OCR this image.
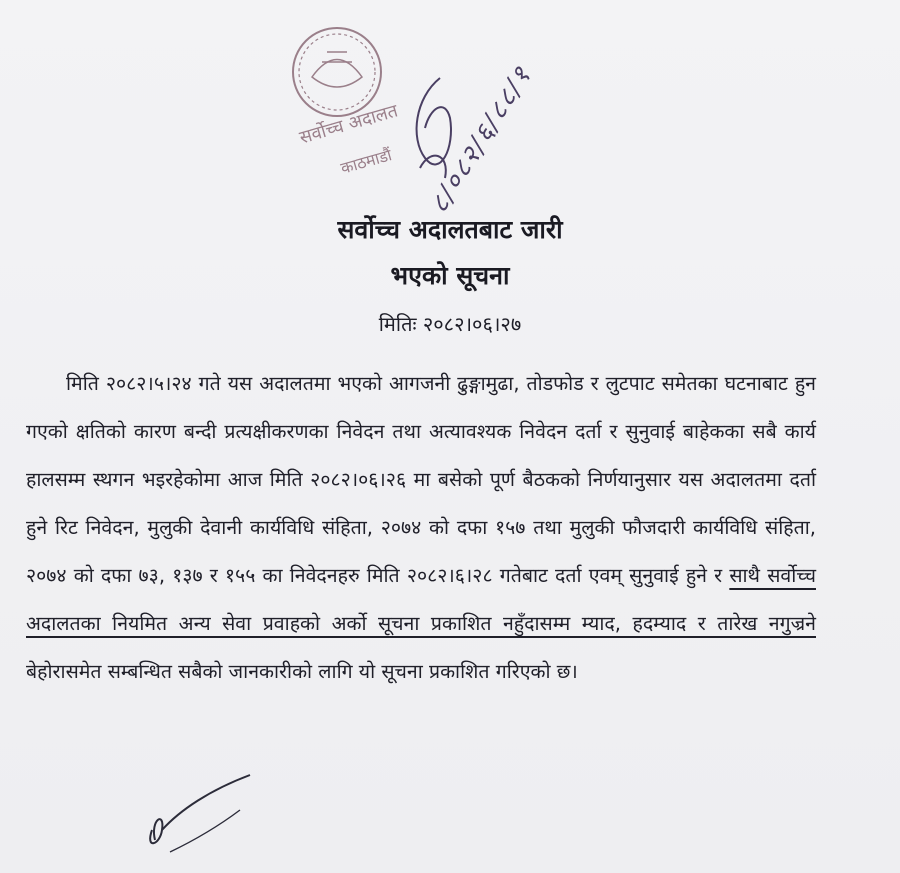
सर्वोच्च अदालत
काठमाडौं ८/०८२/६/८८/१
सर्वोच्च अदालतबाट जारी
भएको सूचना
मितिः २०८२।०६।२७
मिति २०८२।५।२४ गते यस अदालतमा भएको आगजनी ढुङ्गामुढा, तोडफोड र लुटपाट समेतका घटनाबाट हुन गएको क्षतिको कारण बन्दी प्रत्यक्षीकरणका निवेदन तथा अत्यावश्यक निवेदन दर्ता र सुनुवाई बाहेकका सबै कार्य हालसम्म स्थगन भइरहेकोमा आज मिति २०८२।०६।२६ मा बसेको पूर्ण बैठकको निर्णयानुसार यस अदालतमा दर्ता हुने रिट निवेदन, मुलुकी देवानी कार्यविधि संहिता, २०७४ को दफा १५७ तथा मुलुकी फौजदारी कार्यविधि संहिता, २०७४ को दफा ७३, १३७ र १५५ का निवेदनहरु मिति २०८२।६।२८ गतेबाट दर्ता एवम् सुनुवाई हुने र साथै सर्वोच्च अदालतका नियमित अन्य सेवा प्रवाहको अर्को सूचना प्रकाशित नहुँदासम्म म्याद, हदम्याद र तारेख नगुज्रने बेहोरासमेत सम्बन्धित सबैको जानकारीको लागि यो सूचना प्रकाशित गरिएको छ।
